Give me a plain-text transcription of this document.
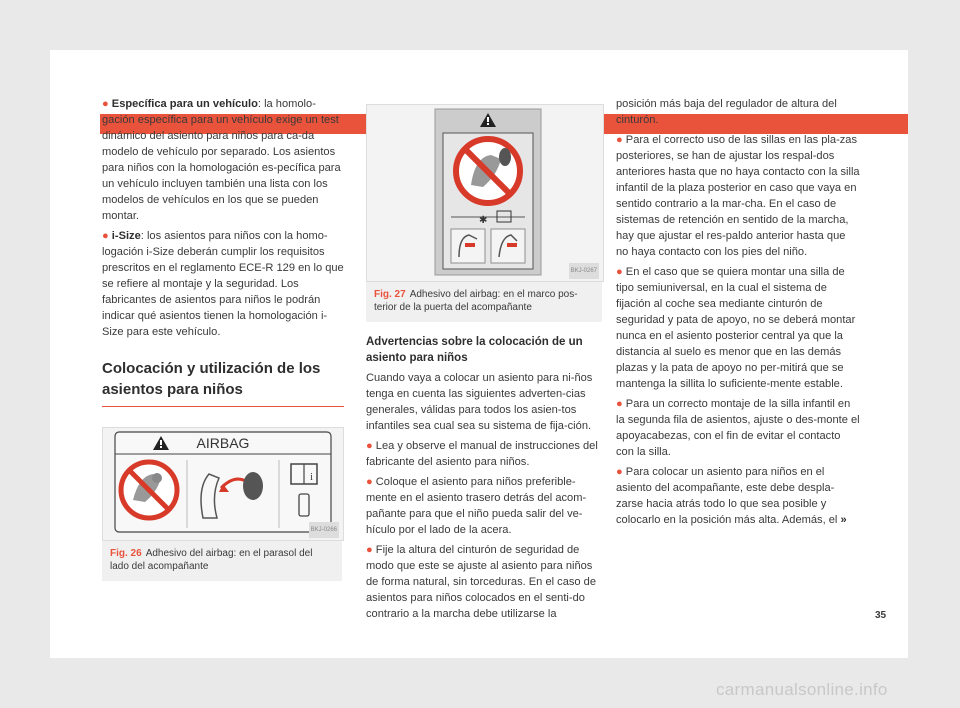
● Específica para un vehículo: la homolo-gación específica para un vehículo exige un test dinámico del asiento para niños para ca-da modelo de vehículo por separado. Los asientos para niños con la homologación es-pecífica para un vehículo incluyen también una lista con los modelos de vehículos en los que se pueden montar.

● i-Size: los asientos para niños con la homo-logación i-Size deberán cumplir los requisitos prescritos en el reglamento ECE-R 129 en lo que se refiere al montaje y la seguridad. Los fabricantes de asientos para niños le podrán indicar qué asientos tienen la homologación i-Size para este vehículo.

Colocación y utilización de los asientos para niños
AIRBAG
i
BKJ-0266
Fig. 26 Adhesivo del airbag: en el parasol del lado del acompañante
✱
BKJ-0267
Fig. 27 Adhesivo del airbag: en el marco pos-terior de la puerta del acompañante
Advertencias sobre la colocación de un asiento para niños

Cuando vaya a colocar un asiento para ni-ños tenga en cuenta las siguientes adverten-cias generales, válidas para todos los asien-tos infantiles sea cual sea su sistema de fija-ción.

● Lea y observe el manual de instrucciones del fabricante del asiento para niños.

● Coloque el asiento para niños preferible-mente en el asiento trasero detrás del acom-pañante para que el niño pueda salir del ve-hículo por el lado de la acera.

● Fije la altura del cinturón de seguridad de modo que este se ajuste al asiento para niños de forma natural, sin torceduras. En el caso de asientos para niños colocados en el senti-do contrario a la marcha debe utilizarse la

posición más baja del regulador de altura del cinturón.

● Para el correcto uso de las sillas en las pla-zas posteriores, se han de ajustar los respal-dos anteriores hasta que no haya contacto con la silla infantil de la plaza posterior en caso que vaya en sentido contrario a la mar-cha. En el caso de sistemas de retención en sentido de la marcha, hay que ajustar el res-paldo anterior hasta que no haya contacto con los pies del niño.

● En el caso que se quiera montar una silla de tipo semiuniversal, en la cual el sistema de fijación al coche sea mediante cinturón de seguridad y pata de apoyo, no se deberá montar nunca en el asiento posterior central ya que la distancia al suelo es menor que en las demás plazas y la pata de apoyo no per-mitirá que se mantenga la sillita lo suficiente-mente estable.

● Para un correcto montaje de la silla infantil en la segunda fila de asientos, ajuste o des-monte el apoyacabezas, con el fin de evitar el contacto con la silla.

● Para colocar un asiento para niños en el asiento del acompañante, este debe despla-zarse hacia atrás todo lo que sea posible y colocarlo en la posición más alta. Además, el »

35
carmanualsonline.info
